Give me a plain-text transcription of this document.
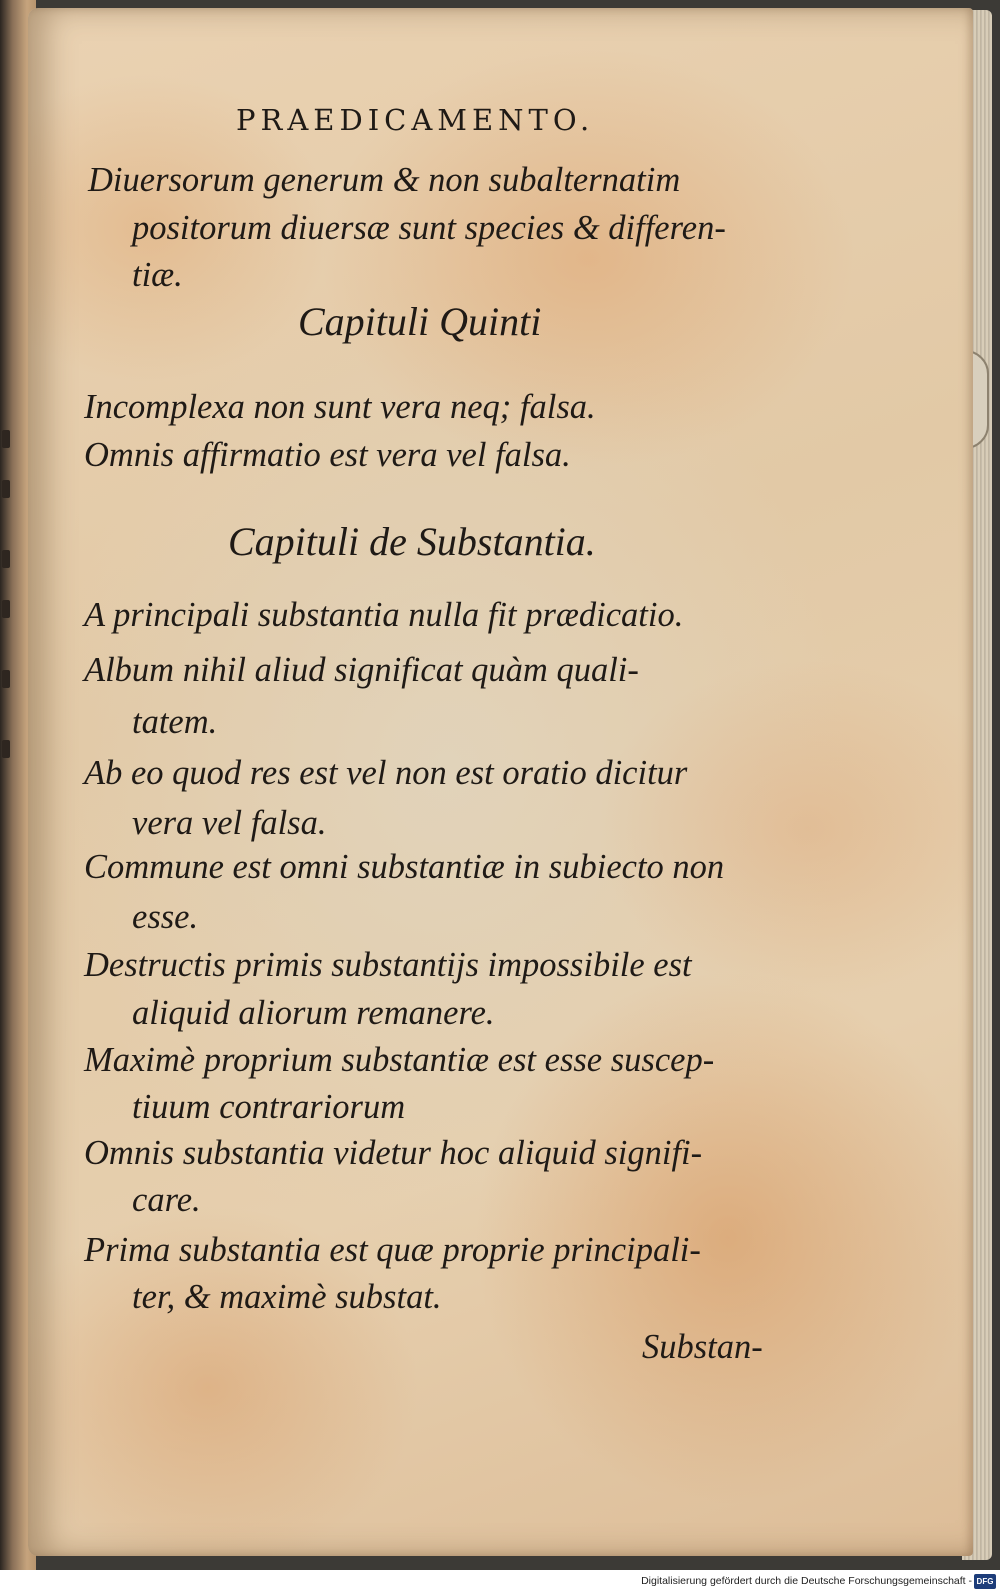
PRAEDICAMENTO.
Diuersorum generum & non subalternatim
positorum diuersæ sunt species & differen-
tiæ.
Capituli Quinti
Incomplexa non sunt vera neq; falsa.
Omnis affirmatio est vera vel falsa.
Capituli de Substantia.
A principali substantia nulla fit prædicatio.
Album nihil aliud significat quàm quali-
tatem.
Ab eo quod res est vel non est oratio dicitur
vera vel falsa.
Commune est omni substantiæ in subiecto non
esse.
Destructis primis substantijs impossibile est
aliquid aliorum remanere.
Maximè proprium substantiæ est esse suscep-
tiuum contrariorum
Omnis substantia videtur hoc aliquid signifi-
care.
Prima substantia est quæ proprie principali-
ter, & maximè substat.
Substan-
Digitalisierung gefördert durch die Deutsche Forschungsgemeinschaft - DFG
